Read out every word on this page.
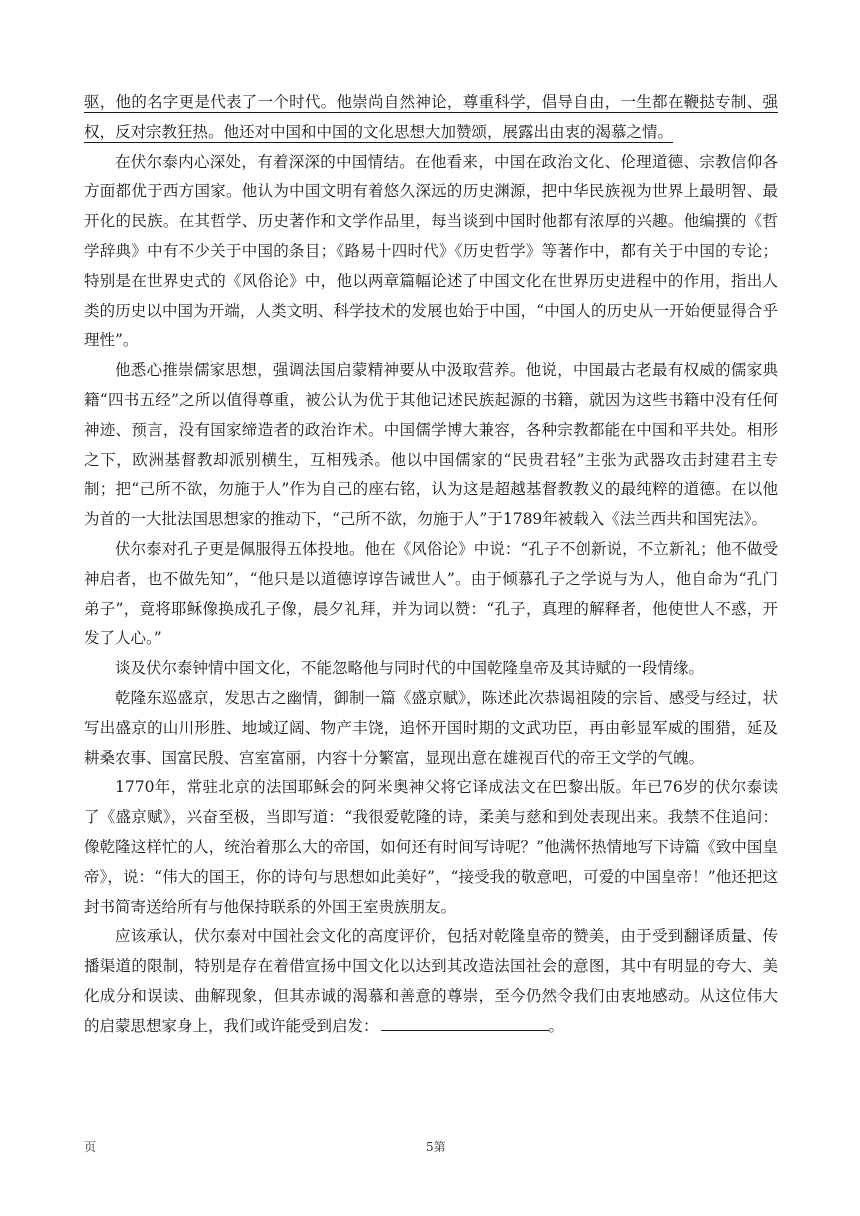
驱，他的名字更是代表了一个时代。他崇尚自然神论，尊重科学，倡导自由，一生都在鞭挞专制、强权，反对宗教狂热。他还对中国和中国的文化思想大加赞颂，展露出由衷的渴慕之情。

在伏尔泰内心深处，有着深深的中国情结。在他看来，中国在政治文化、伦理道德、宗教信仰各方面都优于西方国家。他认为中国文明有着悠久深远的历史渊源，把中华民族视为世界上最明智、最开化的民族。在其哲学、历史著作和文学作品里，每当谈到中国时他都有浓厚的兴趣。他编撰的《哲学辞典》中有不少关于中国的条目；《路易十四时代》《历史哲学》等著作中，都有关于中国的专论；特别是在世界史式的《风俗论》中，他以两章篇幅论述了中国文化在世界历史进程中的作用，指出人类的历史以中国为开端，人类文明、科学技术的发展也始于中国，“中国人的历史从一开始便显得合乎理性”。

他悉心推崇儒家思想，强调法国启蒙精神要从中汲取营养。他说，中国最古老最有权威的儒家典籍“四书五经”之所以值得尊重，被公认为优于其他记述民族起源的书籍，就因为这些书籍中没有任何神迹、预言，没有国家缔造者的政治诈术。中国儒学博大兼容，各种宗教都能在中国和平共处。相形之下，欧洲基督教却派别横生，互相残杀。他以中国儒家的“民贵君轻”主张为武器攻击封建君主专制；把“己所不欲，勿施于人”作为自己的座右铭，认为这是超越基督教教义的最纯粹的道德。在以他为首的一大批法国思想家的推动下，“己所不欲，勿施于人”于1789年被载入《法兰西共和国宪法》。

伏尔泰对孔子更是佩服得五体投地。他在《风俗论》中说：“孔子不创新说，不立新礼；他不做受神启者，也不做先知”，“他只是以道德谆谆告诫世人”。由于倾慕孔子之学说与为人，他自命为“孔门弟子”，竟将耶稣像换成孔子像，晨夕礼拜，并为词以赞：“孔子，真理的解释者，他使世人不惑，开发了人心。”

谈及伏尔泰钟情中国文化，不能忽略他与同时代的中国乾隆皇帝及其诗赋的一段情缘。

乾隆东巡盛京，发思古之幽情，御制一篇《盛京赋》，陈述此次恭谒祖陵的宗旨、感受与经过，状写出盛京的山川形胜、地域辽阔、物产丰饶，追怀开国时期的文武功臣，再由彰显军威的围猎，延及耕桑农事、国富民殷、宫室富丽，内容十分繁富，显现出意在雄视百代的帝王文学的气魄。

1770年，常驻北京的法国耶稣会的阿米奥神父将它译成法文在巴黎出版。年已76岁的伏尔泰读了《盛京赋》，兴奋至极，当即写道：“我很爱乾隆的诗，柔美与慈和到处表现出来。我禁不住追问：像乾隆这样忙的人，统治着那么大的帝国，如何还有时间写诗呢？”他满怀热情地写下诗篇《致中国皇帝》，说：“伟大的国王，你的诗句与思想如此美好”，“接受我的敬意吧，可爱的中国皇帝！”他还把这封书简寄送给所有与他保持联系的外国王室贵族朋友。

应该承认，伏尔泰对中国社会文化的高度评价，包括对乾隆皇帝的赞美，由于受到翻译质量、传播渠道的限制，特别是存在着借宣扬中国文化以达到其改造法国社会的意图，其中有明显的夸大、美化成分和误读、曲解现象，但其赤诚的渴慕和善意的尊崇，至今仍然令我们由衷地感动。从这位伟大的启蒙思想家身上，我们或许能受到启发：	。

页	5第
